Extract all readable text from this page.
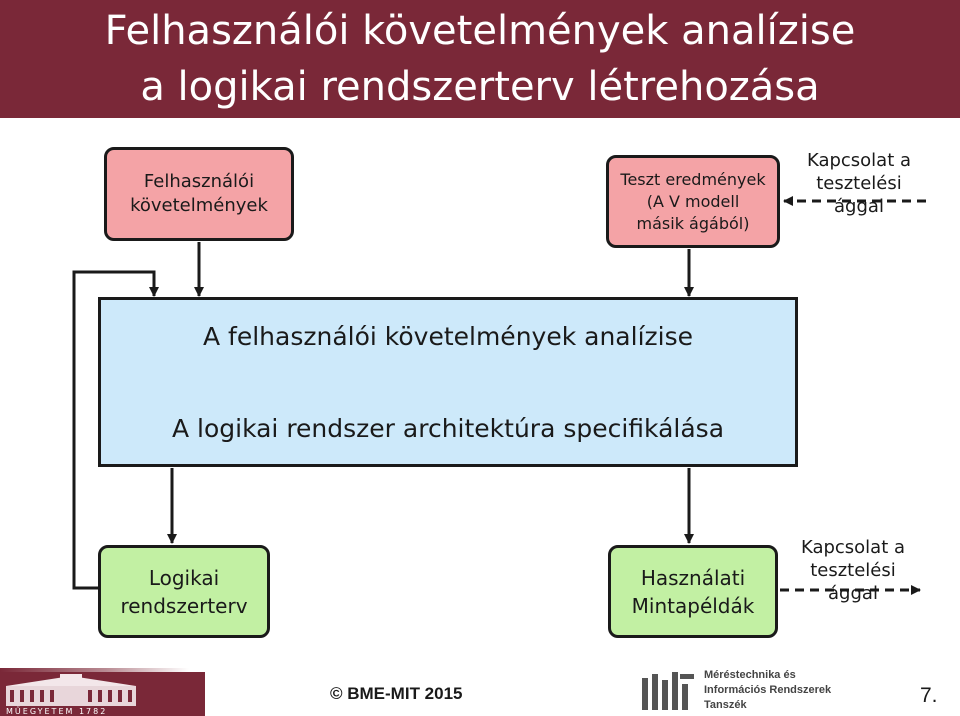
Felhasználói követelmények analízise
a logikai rendszerterv létrehozása
Felhasználói
követelmények
Teszt eredmények
(A V modell
másik ágából)
Kapcsolat a
tesztelési
ággal
A felhasználói követelmények analízise
A logikai rendszer architektúra specifikálása
Logikai
rendszerterv
Használati
Mintapéldák
Kapcsolat a
tesztelési
ággal
MŰEGYETEM 1782
© BME-MIT 2015
Méréstechnika és
Információs Rendszerek
Tanszék	7.
